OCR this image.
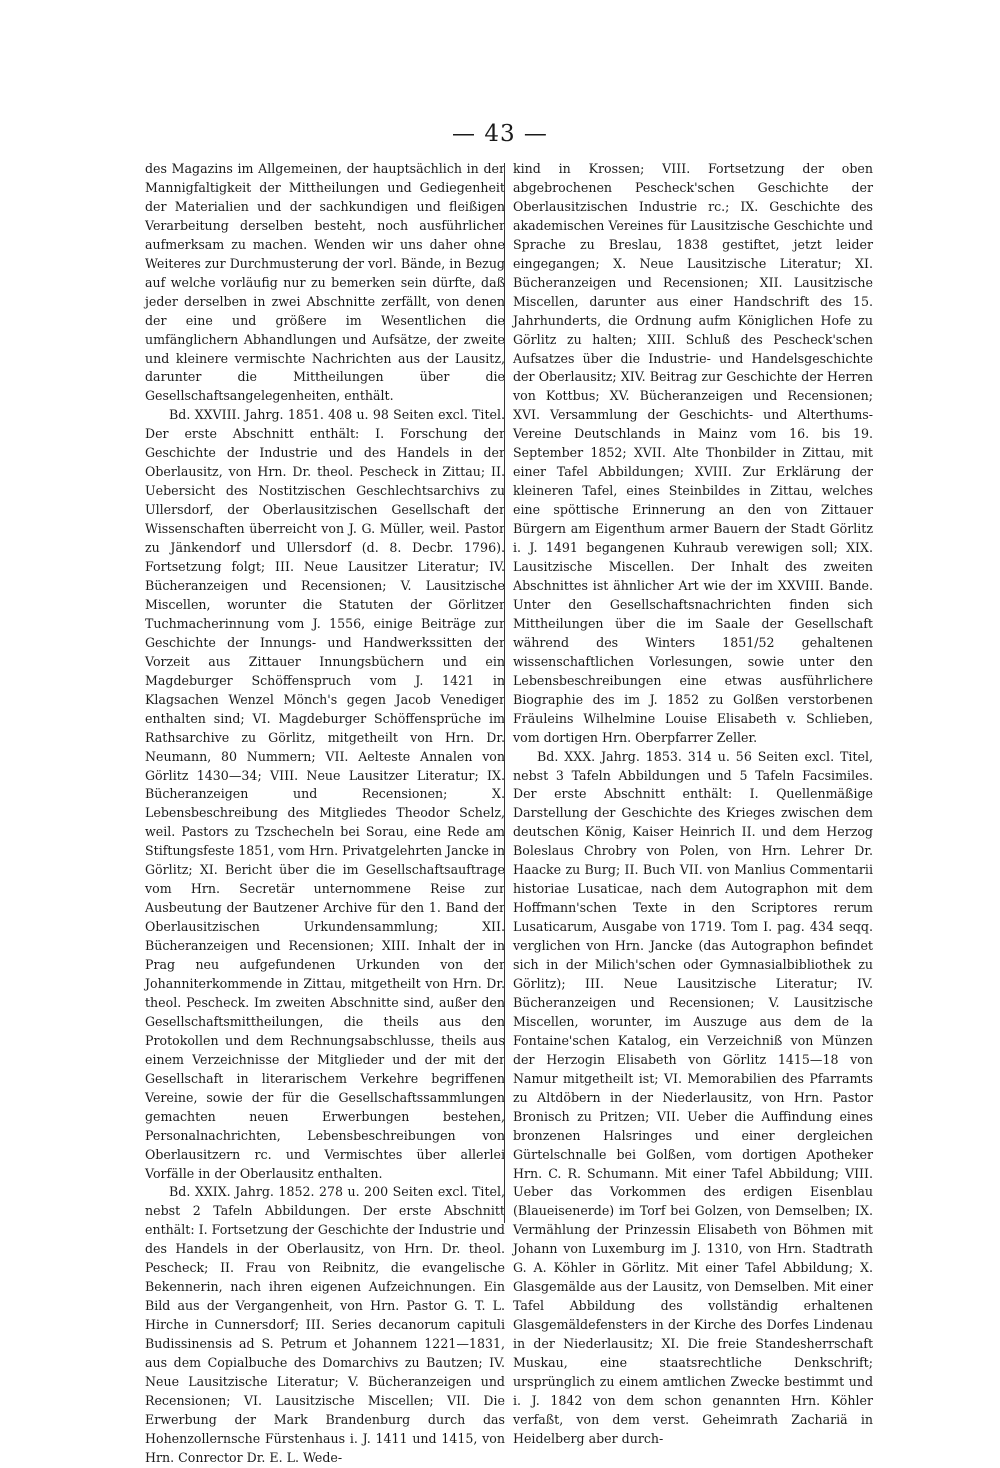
— 43 —

des Magazins im Allgemeinen, der hauptsächlich in der Mannigfaltigkeit der Mittheilungen und Gediegenheit der Materialien und der sachkundigen und fleißigen Verarbeitung derselben besteht, noch ausführlicher aufmerksam zu machen. Wenden wir uns daher ohne Weiteres zur Durchmusterung der vorl. Bände, in Bezug auf welche vorläufig nur zu bemerken sein dürfte, daß jeder derselben in zwei Abschnitte zerfällt, von denen der eine und größere im Wesentlichen die umfänglichern Abhandlungen und Aufsätze, der zweite und kleinere vermischte Nachrichten aus der Lausitz, darunter die Mittheilungen über die Gesellschaftsangelegenheiten, enthält.

Bd. XXVIII. Jahrg. 1851. 408 u. 98 Seiten excl. Titel. Der erste Abschnitt enthält: I. Forschung der Geschichte der Industrie und des Handels in der Oberlausitz, von Hrn. Dr. theol. Pescheck in Zittau; II. Uebersicht des Nostitzischen Geschlechtsarchivs zu Ullersdorf, der Oberlausitzischen Gesellschaft der Wissenschaften überreicht von J. G. Müller, weil. Pastor zu Jänkendorf und Ullersdorf (d. 8. Decbr. 1796). Fortsetzung folgt; III. Neue Lausitzer Literatur; IV. Bücheranzeigen und Recensionen; V. Lausitzische Miscellen, worunter die Statuten der Görlitzer Tuchmacherinnung vom J. 1556, einige Beiträge zur Geschichte der Innungs- und Handwerkssitten der Vorzeit aus Zittauer Innungsbüchern und ein Magdeburger Schöffenspruch vom J. 1421 in Klagsachen Wenzel Mönch's gegen Jacob Venediger enthalten sind; VI. Magdeburger Schöffensprüche im Rathsarchive zu Görlitz, mitgetheilt von Hrn. Dr. Neumann, 80 Nummern; VII. Aelteste Annalen von Görlitz 1430—34; VIII. Neue Lausitzer Literatur; IX. Bücheranzeigen und Recensionen; X. Lebensbeschreibung des Mitgliedes Theodor Schelz, weil. Pastors zu Tzschecheln bei Sorau, eine Rede am Stiftungsfeste 1851, vom Hrn. Privatgelehrten Jancke in Görlitz; XI. Bericht über die im Gesellschaftsauftrage vom Hrn. Secretär unternommene Reise zur Ausbeutung der Bautzener Archive für den 1. Band der Oberlausitzischen Urkundensammlung; XII. Bücheranzeigen und Recensionen; XIII. Inhalt der in Prag neu aufgefundenen Urkunden von der Johanniterkommende in Zittau, mitgetheilt von Hrn. Dr. theol. Pescheck. Im zweiten Abschnitte sind, außer den Gesellschaftsmittheilungen, die theils aus den Protokollen und dem Rechnungsabschlusse, theils aus einem Verzeichnisse der Mitglieder und der mit der Gesellschaft in literarischem Verkehre begriffenen Vereine, sowie der für die Gesellschaftssammlungen gemachten neuen Erwerbungen bestehen, Personalnachrichten, Lebensbeschreibungen von Oberlausitzern rc. und Vermischtes über allerlei Vorfälle in der Oberlausitz enthalten.

Bd. XXIX. Jahrg. 1852. 278 u. 200 Seiten excl. Titel, nebst 2 Tafeln Abbildungen. Der erste Abschnitt enthält: I. Fortsetzung der Geschichte der Industrie und des Handels in der Oberlausitz, von Hrn. Dr. theol. Pescheck; II. Frau von Reibnitz, die evangelische Bekennerin, nach ihren eigenen Aufzeichnungen. Ein Bild aus der Vergangenheit, von Hrn. Pastor G. T. L. Hirche in Cunnersdorf; III. Series decanorum capituli Budissinensis ad S. Petrum et Johannem 1221—1831, aus dem Copialbuche des Domarchivs zu Bautzen; IV. Neue Lausitzische Literatur; V. Bücheranzeigen und Recensionen; VI. Lausitzische Miscellen; VII. Die Erwerbung der Mark Brandenburg durch das Hohenzollernsche Fürstenhaus i. J. 1411 und 1415, von Hrn. Conrector Dr. E. L. Wede-

kind in Krossen; VIII. Fortsetzung der oben abgebrochenen Pescheck'schen Geschichte der Oberlausitzischen Industrie rc.; IX. Geschichte des akademischen Vereines für Lausitzische Geschichte und Sprache zu Breslau, 1838 gestiftet, jetzt leider eingegangen; X. Neue Lausitzische Literatur; XI. Bücheranzeigen und Recensionen; XII. Lausitzische Miscellen, darunter aus einer Handschrift des 15. Jahrhunderts, die Ordnung aufm Königlichen Hofe zu Görlitz zu halten; XIII. Schluß des Pescheck'schen Aufsatzes über die Industrie- und Handelsgeschichte der Oberlausitz; XIV. Beitrag zur Geschichte der Herren von Kottbus; XV. Bücheranzeigen und Recensionen; XVI. Versammlung der Geschichts- und Alterthums-Vereine Deutschlands in Mainz vom 16. bis 19. September 1852; XVII. Alte Thonbilder in Zittau, mit einer Tafel Abbildungen; XVIII. Zur Erklärung der kleineren Tafel, eines Steinbildes in Zittau, welches eine spöttische Erinnerung an den von Zittauer Bürgern am Eigenthum armer Bauern der Stadt Görlitz i. J. 1491 begangenen Kuhraub verewigen soll; XIX. Lausitzische Miscellen. Der Inhalt des zweiten Abschnittes ist ähnlicher Art wie der im XXVIII. Bande. Unter den Gesellschaftsnachrichten finden sich Mittheilungen über die im Saale der Gesellschaft während des Winters 1851/52 gehaltenen wissenschaftlichen Vorlesungen, sowie unter den Lebensbeschreibungen eine etwas ausführlichere Biographie des im J. 1852 zu Golßen verstorbenen Fräuleins Wilhelmine Louise Elisabeth v. Schlieben, vom dortigen Hrn. Oberpfarrer Zeller.

Bd. XXX. Jahrg. 1853. 314 u. 56 Seiten excl. Titel, nebst 3 Tafeln Abbildungen und 5 Tafeln Facsimiles. Der erste Abschnitt enthält: I. Quellenmäßige Darstellung der Geschichte des Krieges zwischen dem deutschen König, Kaiser Heinrich II. und dem Herzog Boleslaus Chrobry von Polen, von Hrn. Lehrer Dr. Haacke zu Burg; II. Buch VII. von Manlius Commentarii historiae Lusaticae, nach dem Autographon mit dem Hoffmann'schen Texte in den Scriptores rerum Lusaticarum, Ausgabe von 1719. Tom I. pag. 434 seqq. verglichen von Hrn. Jancke (das Autographon befindet sich in der Milich'schen oder Gymnasialbibliothek zu Görlitz); III. Neue Lausitzische Literatur; IV. Bücheranzeigen und Recensionen; V. Lausitzische Miscellen, worunter, im Auszuge aus dem de la Fontaine'schen Katalog, ein Verzeichniß von Münzen der Herzogin Elisabeth von Görlitz 1415—18 von Namur mitgetheilt ist; VI. Memorabilien des Pfarramts zu Altdöbern in der Niederlausitz, von Hrn. Pastor Bronisch zu Pritzen; VII. Ueber die Auffindung eines bronzenen Halsringes und einer dergleichen Gürtelschnalle bei Golßen, vom dortigen Apotheker Hrn. C. R. Schumann. Mit einer Tafel Abbildung; VIII. Ueber das Vorkommen des erdigen Eisenblau (Blaueisenerde) im Torf bei Golzen, von Demselben; IX. Vermählung der Prinzessin Elisabeth von Böhmen mit Johann von Luxemburg im J. 1310, von Hrn. Stadtrath G. A. Köhler in Görlitz. Mit einer Tafel Abbildung; X. Glasgemälde aus der Lausitz, von Demselben. Mit einer Tafel Abbildung des vollständig erhaltenen Glasgemäldefensters in der Kirche des Dorfes Lindenau in der Niederlausitz; XI. Die freie Standesherrschaft Muskau, eine staatsrechtliche Denkschrift; ursprünglich zu einem amtlichen Zwecke bestimmt und i. J. 1842 von dem schon genannten Hrn. Köhler verfaßt, von dem verst. Geheimrath Zachariä in Heidelberg aber durch-
